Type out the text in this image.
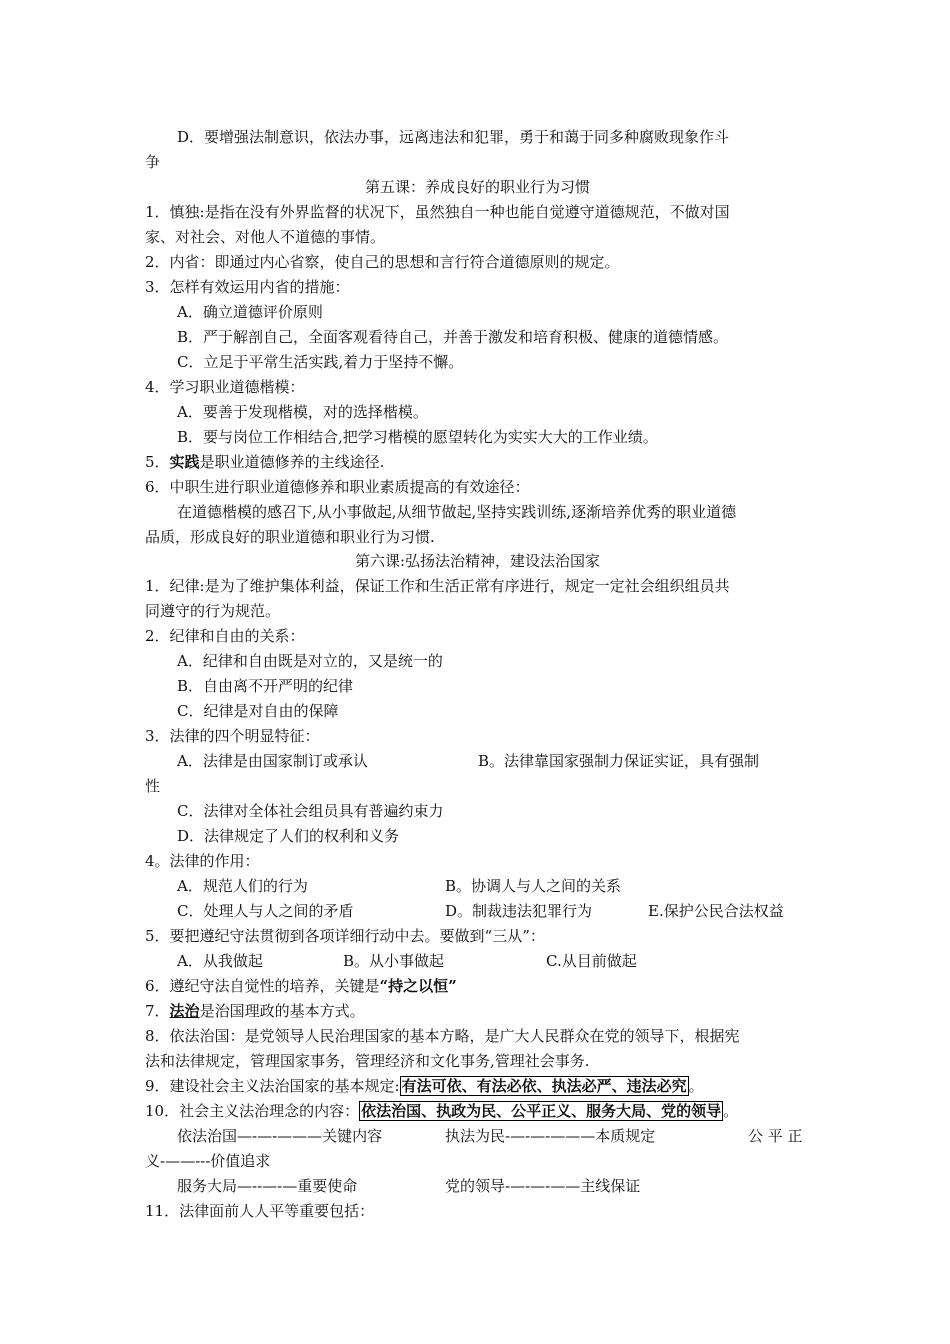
D．要增强法制意识，依法办事，远离违法和犯罪，勇于和蔼于同多种腐败现象作斗
争
第五课：养成良好的职业行为习惯
1．慎独:是指在没有外界监督的状况下，虽然独自一种也能自觉遵守道德规范，不做对国
家、对社会、对他人不道德的事情。
2．内省：即通过内心省察，使自己的思想和言行符合道德原则的规定。
3．怎样有效运用内省的措施：
A．确立道德评价原则
B．严于解剖自己，全面客观看待自己，并善于激发和培育积极、健康的道德情感。
C．立足于平常生活实践,着力于坚持不懈。
4．学习职业道德楷模：
A．要善于发现楷模，对的选择楷模。
B．要与岗位工作相结合,把学习楷模的愿望转化为实实大大的工作业绩。
5．实践是职业道德修养的主线途径.
6．中职生进行职业道德修养和职业素质提高的有效途径：
在道德楷模的感召下,从小事做起,从细节做起,坚持实践训练,逐渐培养优秀的职业道德
品质，形成良好的职业道德和职业行为习惯.
第六课:弘扬法治精神，建设法治国家
1．纪律:是为了维护集体利益，保证工作和生活正常有序进行，规定一定社会组织组员共
同遵守的行为规范。
2．纪律和自由的关系：
A．纪律和自由既是对立的，又是统一的
B．自由离不开严明的纪律
C．纪律是对自由的保障
3．法律的四个明显特征：
A．法律是由国家制订或承认	B。法律靠国家强制力保证实证，具有强制
性
C．法律对全体社会组员具有普遍约束力
D．法律规定了人们的权利和义务
4。法律的作用：
A．规范人们的行为	B。协调人与人之间的关系
C．处理人与人之间的矛盾	D。制裁违法犯罪行为	E.保护公民合法权益
5．要把遵纪守法贯彻到各项详细行动中去。要做到“三从”：
A．从我做起	B。从小事做起	C.从目前做起
6．遵纪守法自觉性的培养，关键是“持之以恒”
7．法治是治国理政的基本方式。
8．依法治国：是党领导人民治理国家的基本方略，是广大人民群众在党的领导下，根据宪
法和法律规定，管理国家事务，管理经济和文化事务,管理社会事务.
9．建设社会主义法治国家的基本规定: 有法可依、有法必依、执法必严、违法必究 。
10．社会主义法治理念的内容： 依法治国、执政为民、公平正义、服务大局、党的领导 。
依法治国—-—-———关键内容	执法为民-—-—-———本质规定	公 平 正
义-——---价值追求
服务大局—--—-—重要使命	党的领导-—-—-——主线保证
11．法律面前人人平等重要包括：
